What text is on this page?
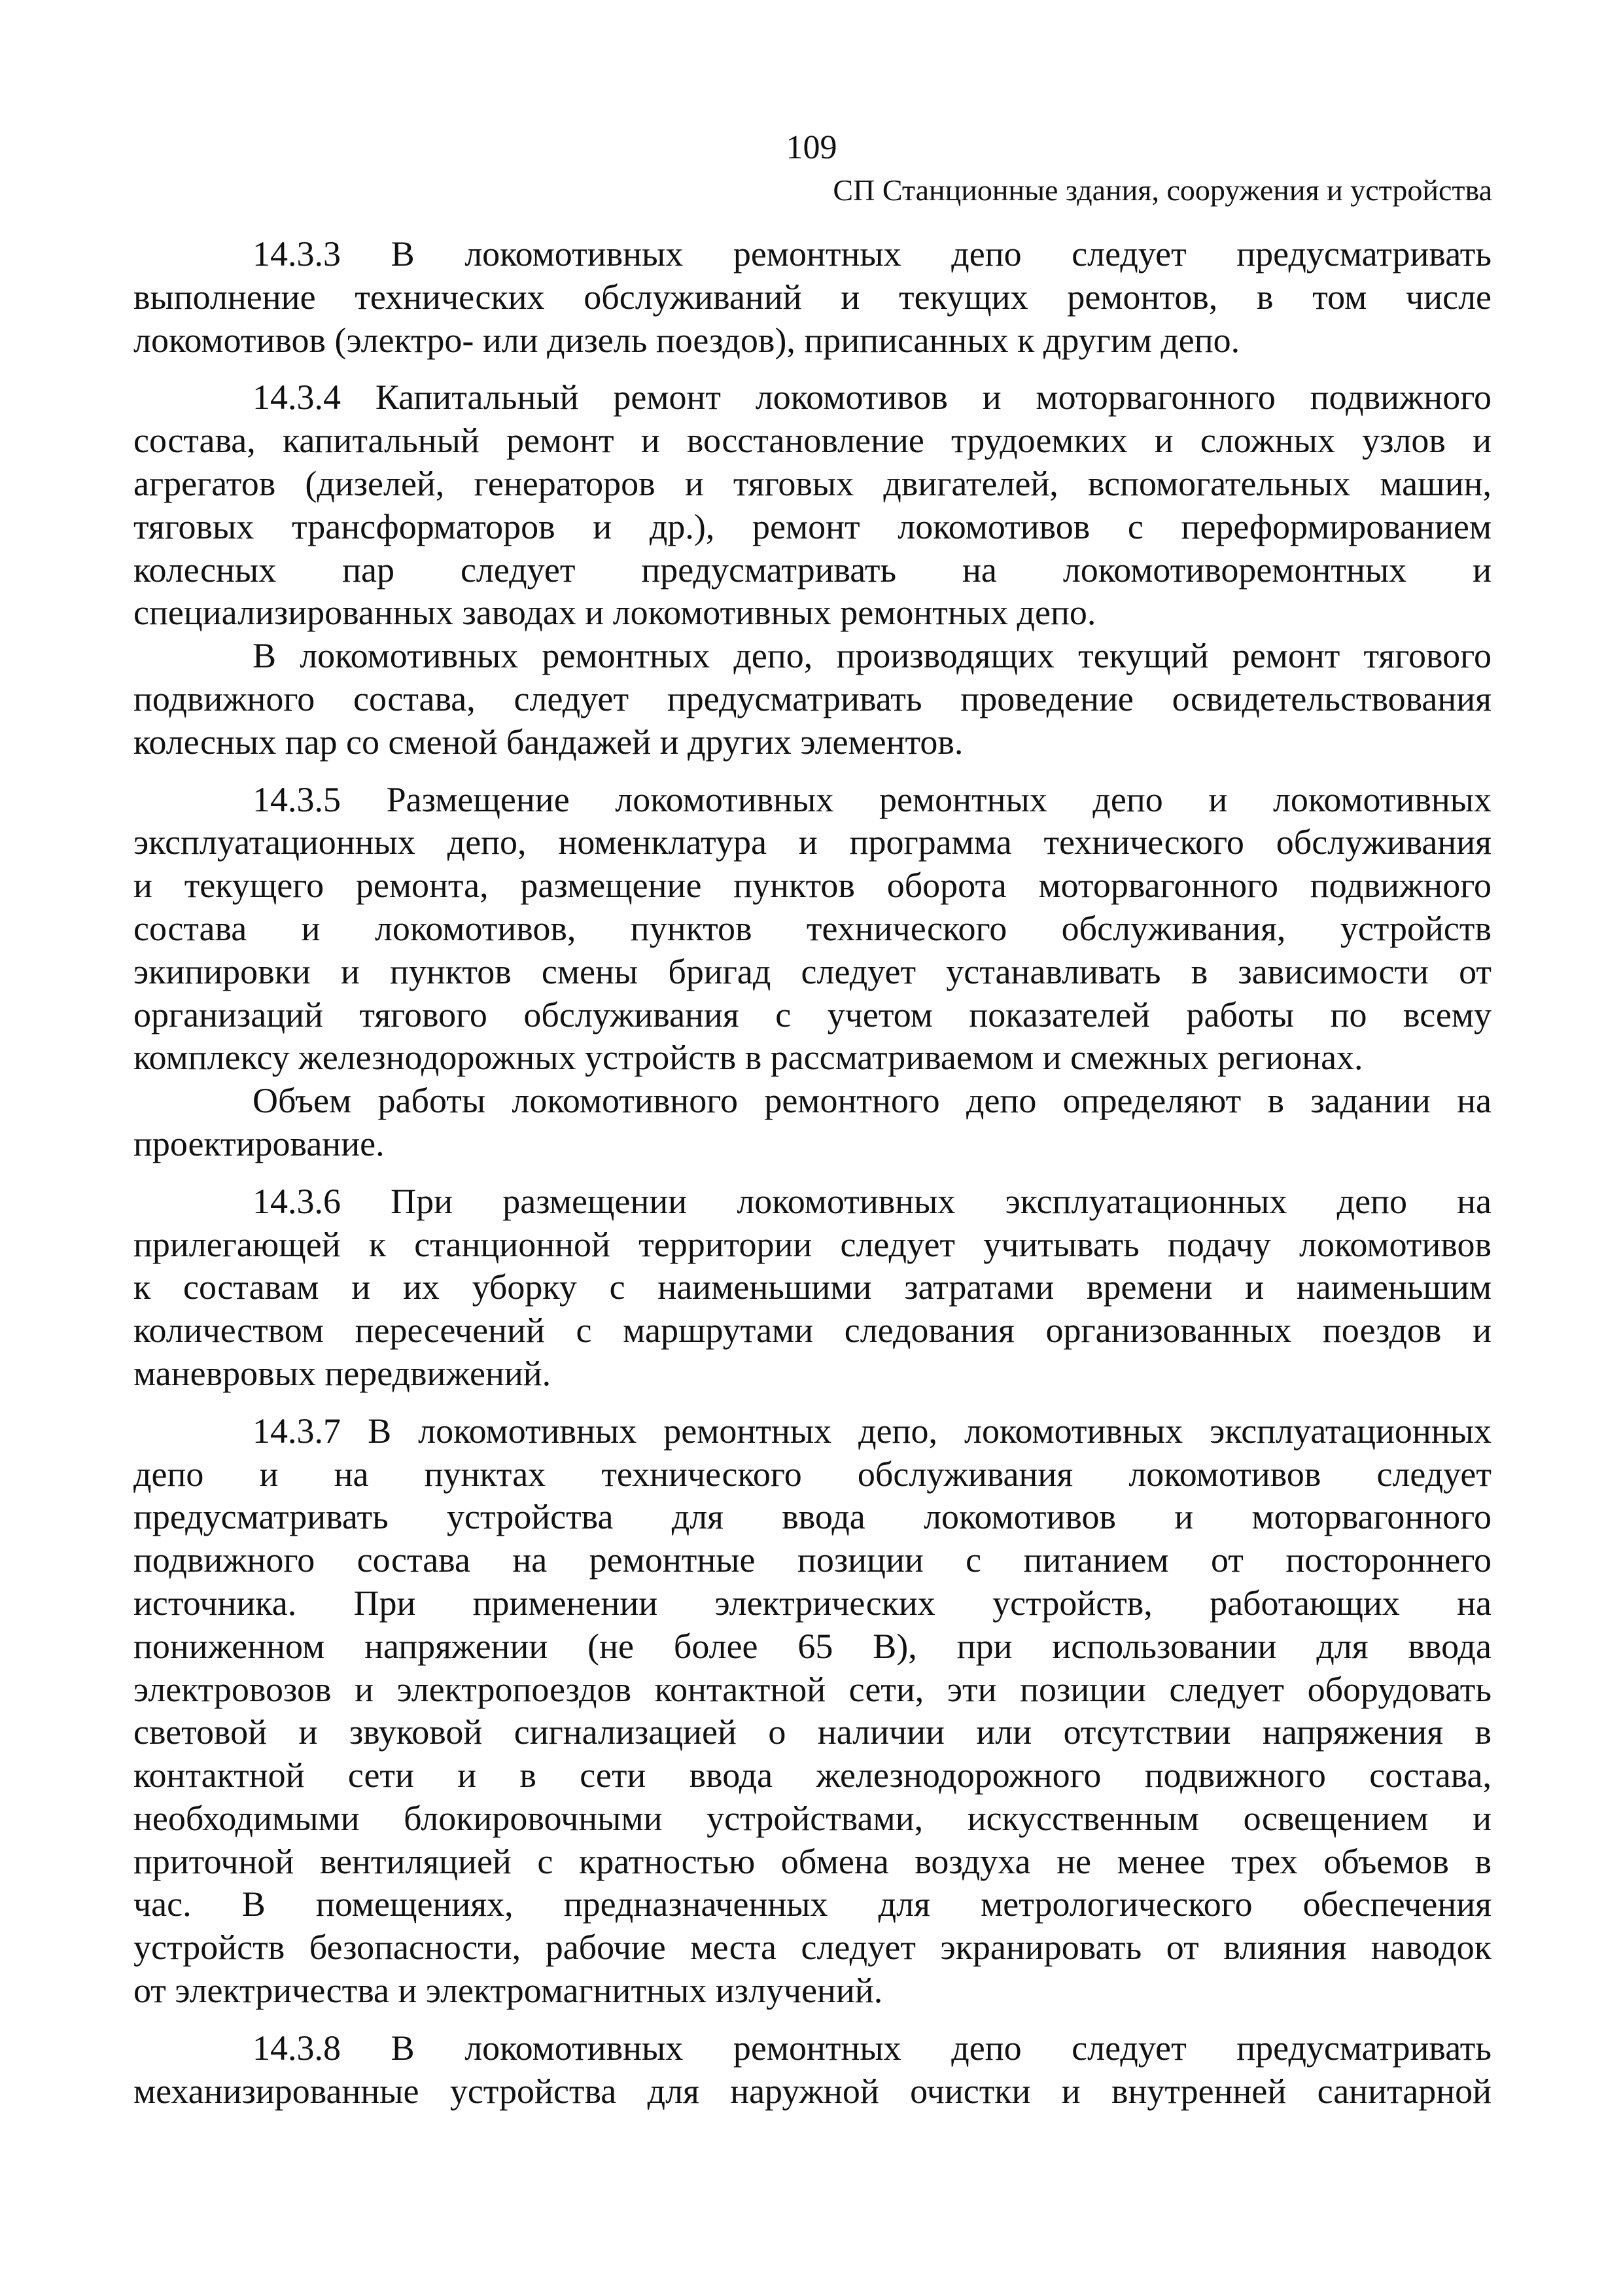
109
СП Станционные здания, сооружения и устройства
14.3.3 В локомотивных ремонтных депо следует предусматривать
выполнение технических обслуживаний и текущих ремонтов, в том числе
локомотивов (электро- или дизель поездов), приписанных к другим депо.
14.3.4 Капитальный ремонт локомотивов и моторвагонного подвижного
состава, капитальный ремонт и восстановление трудоемких и сложных узлов и
агрегатов (дизелей, генераторов и тяговых двигателей, вспомогательных машин,
тяговых трансформаторов и др.), ремонт локомотивов с переформированием
колесных пар следует предусматривать на локомотиворемонтных и
специализированных заводах и локомотивных ремонтных депо.
В локомотивных ремонтных депо, производящих текущий ремонт тягового
подвижного состава, следует предусматривать проведение освидетельствования
колесных пар со сменой бандажей и других элементов.
14.3.5 Размещение локомотивных ремонтных депо и локомотивных
эксплуатационных депо, номенклатура и программа технического обслуживания
и текущего ремонта, размещение пунктов оборота моторвагонного подвижного
состава и локомотивов, пунктов технического обслуживания, устройств
экипировки и пунктов смены бригад следует устанавливать в зависимости от
организаций тягового обслуживания с учетом показателей работы по всему
комплексу железнодорожных устройств в рассматриваемом и смежных регионах.
Объем работы локомотивного ремонтного депо определяют в задании на
проектирование.
14.3.6 При размещении локомотивных эксплуатационных депо на
прилегающей к станционной территории следует учитывать подачу локомотивов
к составам и их уборку с наименьшими затратами времени и наименьшим
количеством пересечений с маршрутами следования организованных поездов и
маневровых передвижений.
14.3.7 В локомотивных ремонтных депо, локомотивных эксплуатационных
депо и на пунктах технического обслуживания локомотивов следует
предусматривать устройства для ввода локомотивов и моторвагонного
подвижного состава на ремонтные позиции с питанием от постороннего
источника. При применении электрических устройств, работающих на
пониженном напряжении (не более 65 В), при использовании для ввода
электровозов и электропоездов контактной сети, эти позиции следует оборудовать
световой и звуковой сигнализацией о наличии или отсутствии напряжения в
контактной сети и в сети ввода железнодорожного подвижного состава,
необходимыми блокировочными устройствами, искусственным освещением и
приточной вентиляцией с кратностью обмена воздуха не менее трех объемов в
час. В помещениях, предназначенных для метрологического обеспечения
устройств безопасности, рабочие места следует экранировать от влияния наводок
от электричества и электромагнитных излучений.
14.3.8 В локомотивных ремонтных депо следует предусматривать
механизированные устройства для наружной очистки и внутренней санитарной
